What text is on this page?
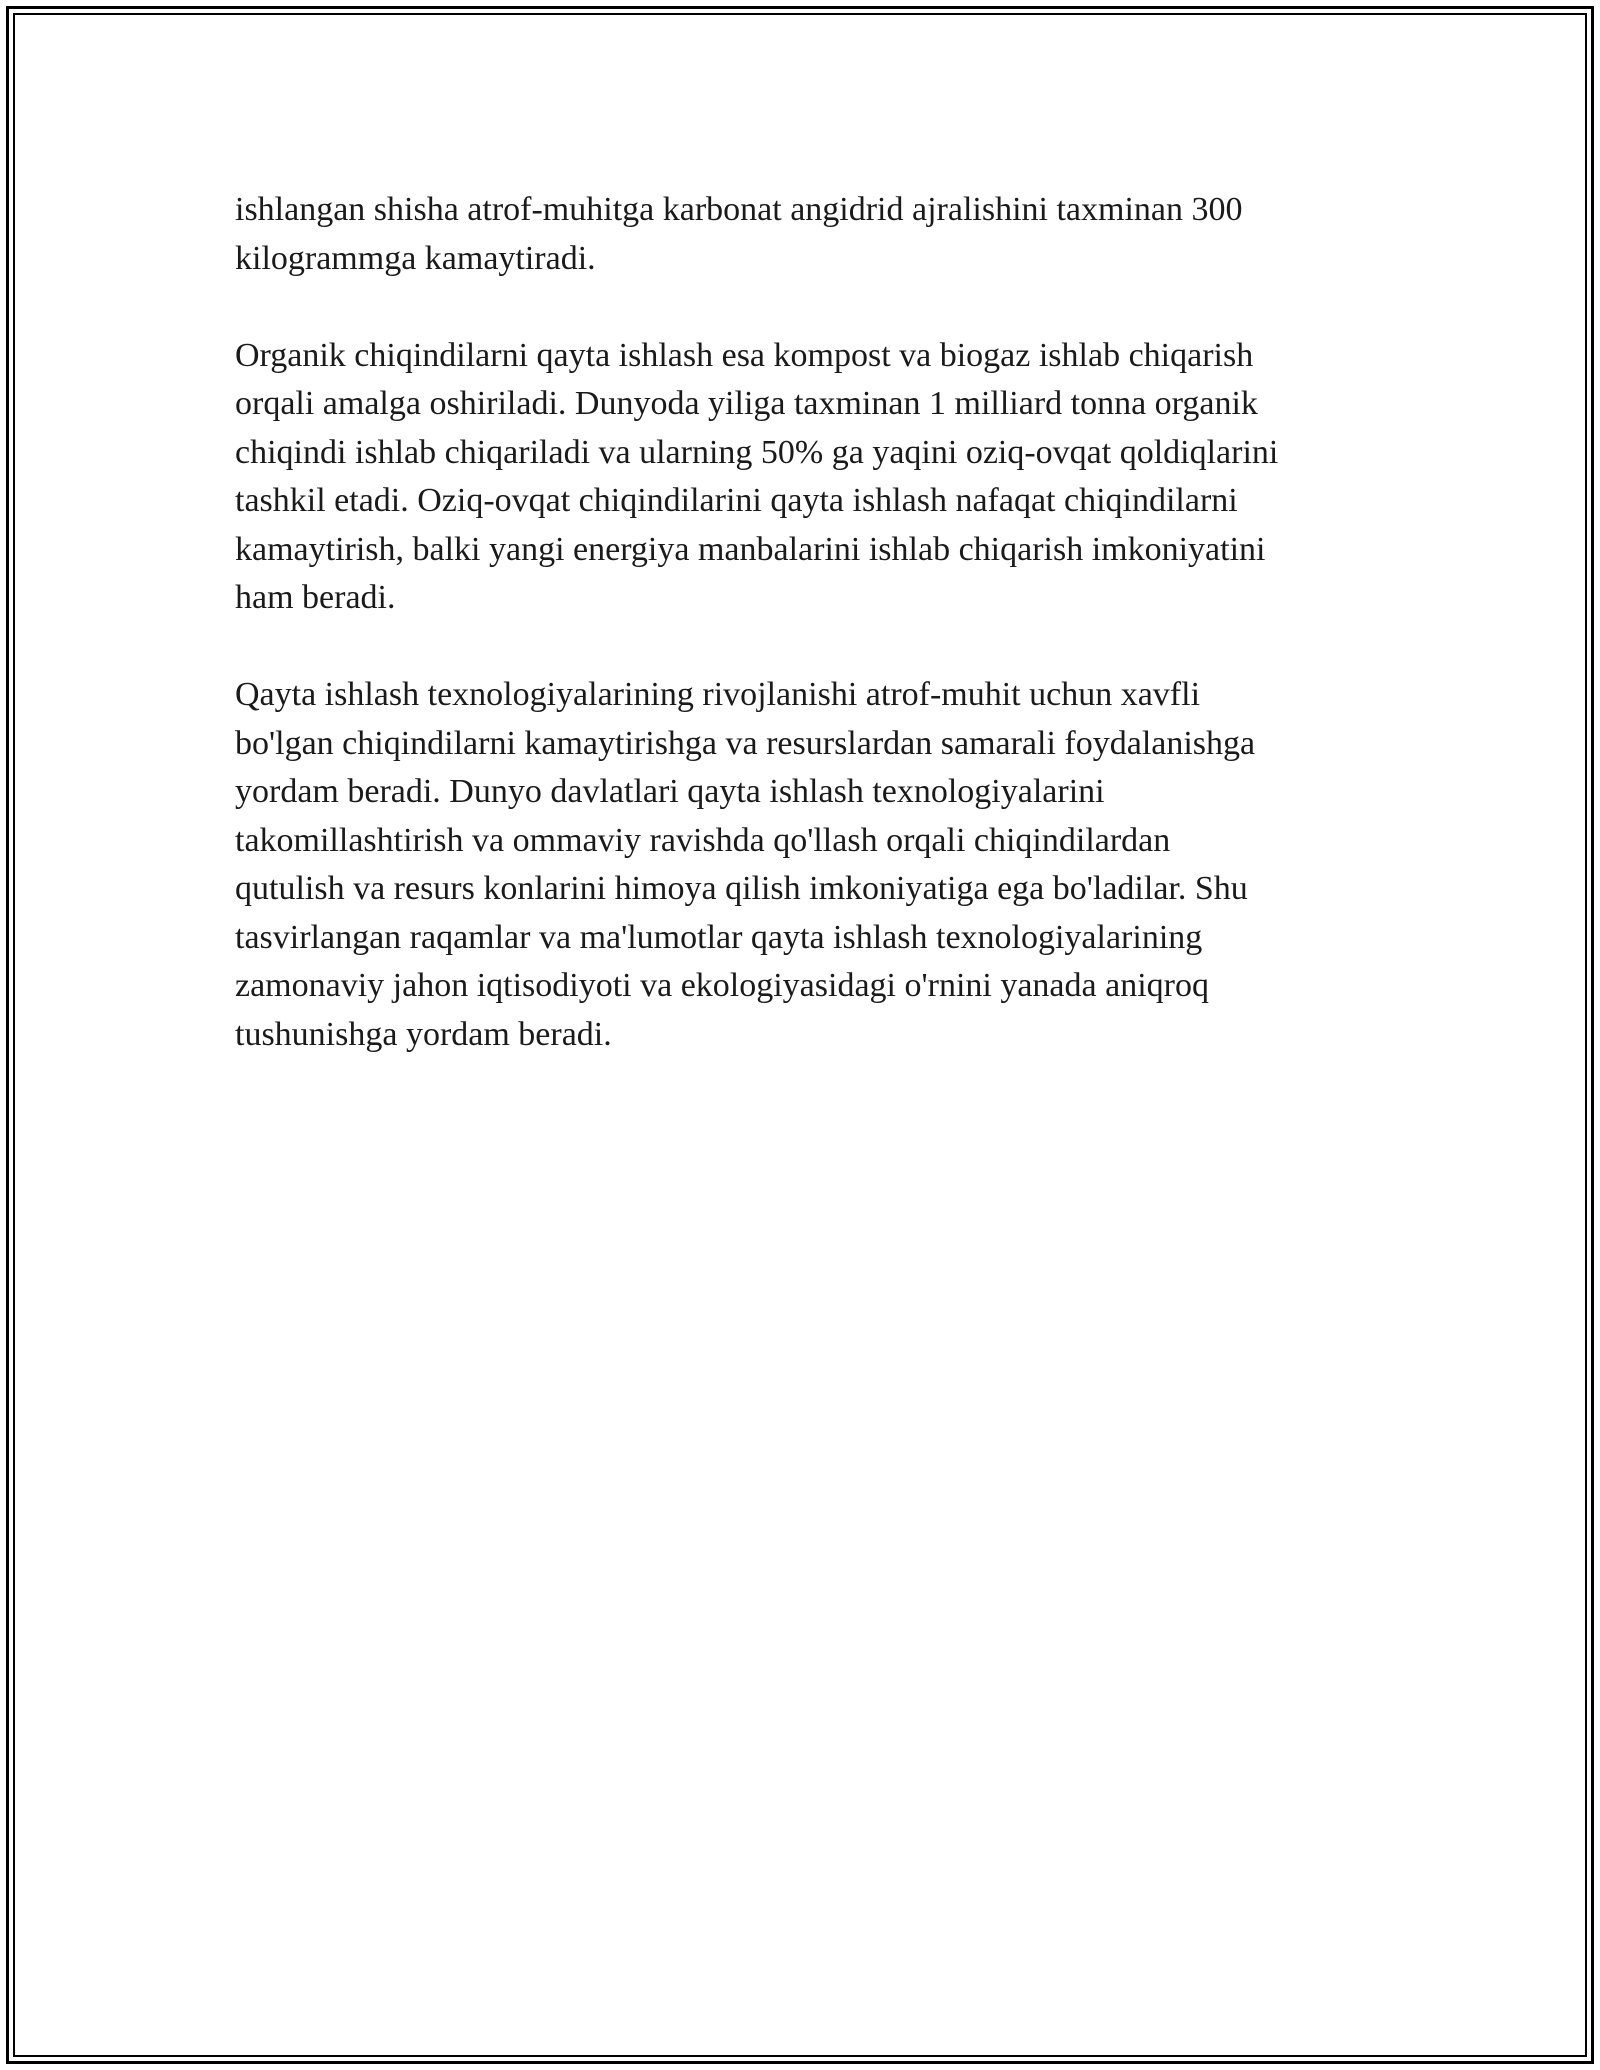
ishlangan shisha atrof-muhitga karbonat angidrid ajralishini taxminan 300
kilogrammga kamaytiradi.

Organik chiqindilarni qayta ishlash esa kompost va biogaz ishlab chiqarish
orqali amalga oshiriladi. Dunyoda yiliga taxminan 1 milliard tonna organik
chiqindi ishlab chiqariladi va ularning 50% ga yaqini oziq-ovqat qoldiqlarini
tashkil etadi. Oziq-ovqat chiqindilarini qayta ishlash nafaqat chiqindilarni
kamaytirish, balki yangi energiya manbalarini ishlab chiqarish imkoniyatini
ham beradi.

Qayta ishlash texnologiyalarining rivojlanishi atrof-muhit uchun xavfli
bo'lgan chiqindilarni kamaytirishga va resurslardan samarali foydalanishga
yordam beradi. Dunyo davlatlari qayta ishlash texnologiyalarini
takomillashtirish va ommaviy ravishda qo'llash orqali chiqindilardan
qutulish va resurs konlarini himoya qilish imkoniyatiga ega bo'ladilar. Shu
tasvirlangan raqamlar va ma'lumotlar qayta ishlash texnologiyalarining
zamonaviy jahon iqtisodiyoti va ekologiyasidagi o'rnini yanada aniqroq
tushunishga yordam beradi.
